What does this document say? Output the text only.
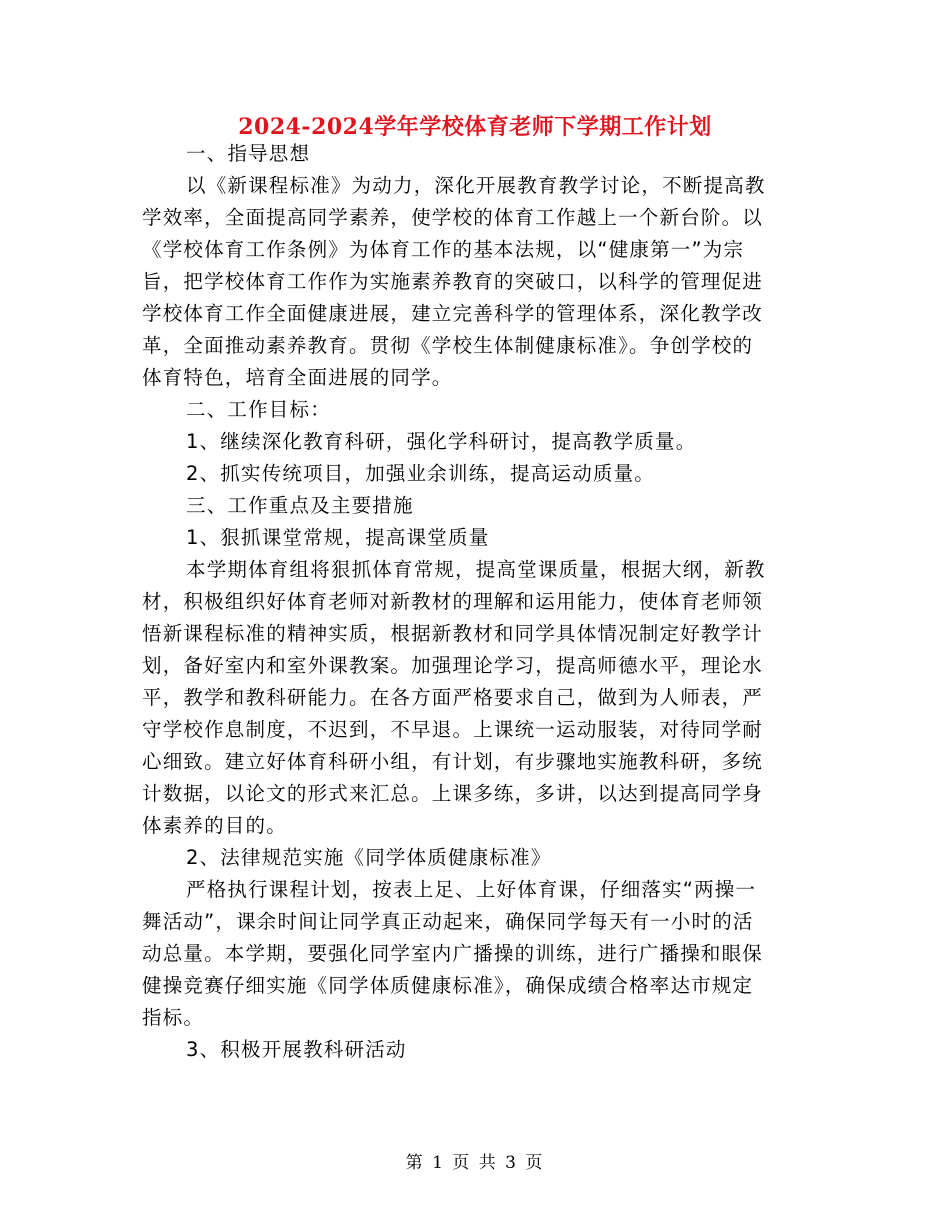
2024-2024学年学校体育老师下学期工作计划
一、指导思想
以《新课程标准》为动力，深化开展教育教学讨论，不断提高教
学效率，全面提高同学素养，使学校的体育工作越上一个新台阶。以
《学校体育工作条例》为体育工作的基本法规，以“健康第一”为宗
旨，把学校体育工作作为实施素养教育的突破口，以科学的管理促进
学校体育工作全面健康进展，建立完善科学的管理体系，深化教学改
革，全面推动素养教育。贯彻《学校生体制健康标准》。争创学校的
体育特色，培育全面进展的同学。
二、工作目标：
1、继续深化教育科研，强化学科研讨，提高教学质量。
2、抓实传统项目，加强业余训练，提高运动质量。
三、工作重点及主要措施
1、狠抓课堂常规，提高课堂质量
本学期体育组将狠抓体育常规，提高堂课质量，根据大纲，新教
材，积极组织好体育老师对新教材的理解和运用能力，使体育老师领
悟新课程标准的精神实质，根据新教材和同学具体情况制定好教学计
划，备好室内和室外课教案。加强理论学习，提高师德水平，理论水
平，教学和教科研能力。在各方面严格要求自己，做到为人师表，严
守学校作息制度，不迟到，不早退。上课统一运动服装，对待同学耐
心细致。建立好体育科研小组，有计划，有步骤地实施教科研，多统
计数据，以论文的形式来汇总。上课多练，多讲，以达到提高同学身
体素养的目的。
2、法律规范实施《同学体质健康标准》
严格执行课程计划，按表上足、上好体育课，仔细落实“两操一
舞活动”，课余时间让同学真正动起来，确保同学每天有一小时的活
动总量。本学期，要强化同学室内广播操的训练，进行广播操和眼保
健操竞赛仔细实施《同学体质健康标准》，确保成绩合格率达市规定
指标。
3、积极开展教科研活动
第 1 页 共 3 页
